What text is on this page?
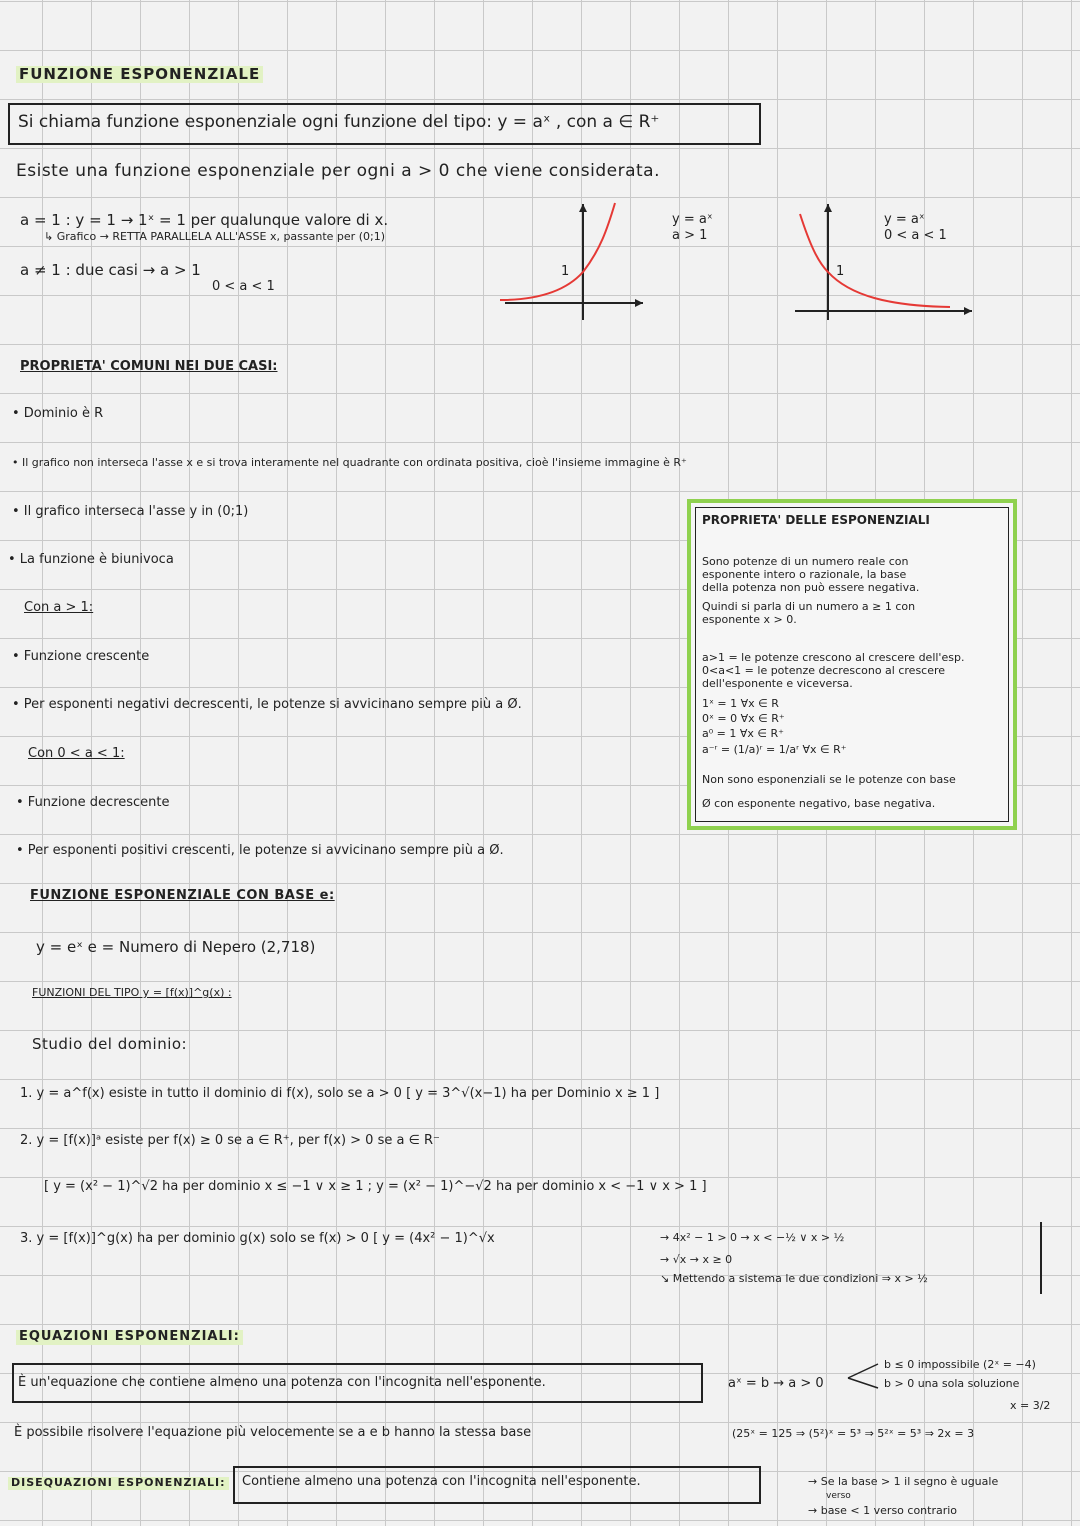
FUNZIONE ESPONENZIALE
Si chiama funzione esponenziale ogni funzione del tipo: y = aˣ , con a ∈ R⁺
Esiste una funzione esponenziale per ogni a > 0 che viene considerata.
a = 1 : y = 1 → 1ˣ = 1 per qualunque valore di x.
↳ Grafico → RETTA PARALLELA ALL'ASSE x, passante per (0;1)
a ≠ 1 : due casi → a > 1
0 < a < 1
1
y = aˣ
a > 1
1
y = aˣ
0 < a < 1
PROPRIETA' COMUNI NEI DUE CASI:
• Dominio è R
• Il grafico non interseca l'asse x e si trova interamente nel quadrante con ordinata positiva, cioè l'insieme immagine è R⁺
• Il grafico interseca l'asse y in (0;1)
• La funzione è biunivoca
Con a > 1:
• Funzione crescente
• Per esponenti negativi decrescenti, le potenze si avvicinano sempre più a Ø.
Con 0 < a < 1:
• Funzione decrescente
• Per esponenti positivi crescenti, le potenze si avvicinano sempre più a Ø.
PROPRIETA' DELLE ESPONENZIALI
Sono potenze di un numero reale con
esponente intero o razionale, la base
della potenza non può essere negativa.
Quindi si parla di un numero a ≥ 1 con
esponente x > 0.
a>1 = le potenze crescono al crescere dell'esp.
0<a<1 = le potenze decrescono al crescere
dell'esponente e viceversa.
1ˣ = 1 ∀x ∈ R
0ˣ = 0 ∀x ∈ R⁺
a⁰ = 1 ∀x ∈ R⁺
a⁻ʳ = (1/a)ʳ = 1/aʳ ∀x ∈ R⁺
Non sono esponenziali se le potenze con base
Ø con esponente negativo, base negativa.
FUNZIONE ESPONENZIALE CON BASE e:
y = eˣ e = Numero di Nepero (2,718)
FUNZIONI DEL TIPO y = [f(x)]^g(x) :
Studio del dominio:
1. y = a^f(x) esiste in tutto il dominio di f(x), solo se a > 0 [ y = 3^√(x−1) ha per Dominio x ≥ 1 ]
2. y = [f(x)]ᵃ esiste per f(x) ≥ 0 se a ∈ R⁺, per f(x) > 0 se a ∈ R⁻
[ y = (x² − 1)^√2 ha per dominio x ≤ −1 ∨ x ≥ 1 ; y = (x² − 1)^−√2 ha per dominio x < −1 ∨ x > 1 ]
3. y = [f(x)]^g(x) ha per dominio g(x) solo se f(x) > 0 [ y = (4x² − 1)^√x	→ 4x² − 1 > 0 → x < −½ ∨ x > ½
→ √x → x ≥ 0
↘ Mettendo a sistema le due condizioni ⇒ x > ½
EQUAZIONI ESPONENZIALI:
È un'equazione che contiene almeno una potenza con l'incognita nell'esponente.	aˣ = b → a > 0
b ≤ 0 impossibile (2ˣ = −4)
b > 0 una sola soluzione
x = 3/2
È possibile risolvere l'equazione più velocemente se a e b hanno la stessa base	(25ˣ = 125 ⇒ (5²)ˣ = 5³ ⇒ 5²ˣ = 5³ ⇒ 2x = 3
DISEQUAZIONI ESPONENZIALI: Contiene almeno una potenza con l'incognita nell'esponente.	→ Se la base > 1 il segno è uguale
verso
→ base < 1 verso contrario
